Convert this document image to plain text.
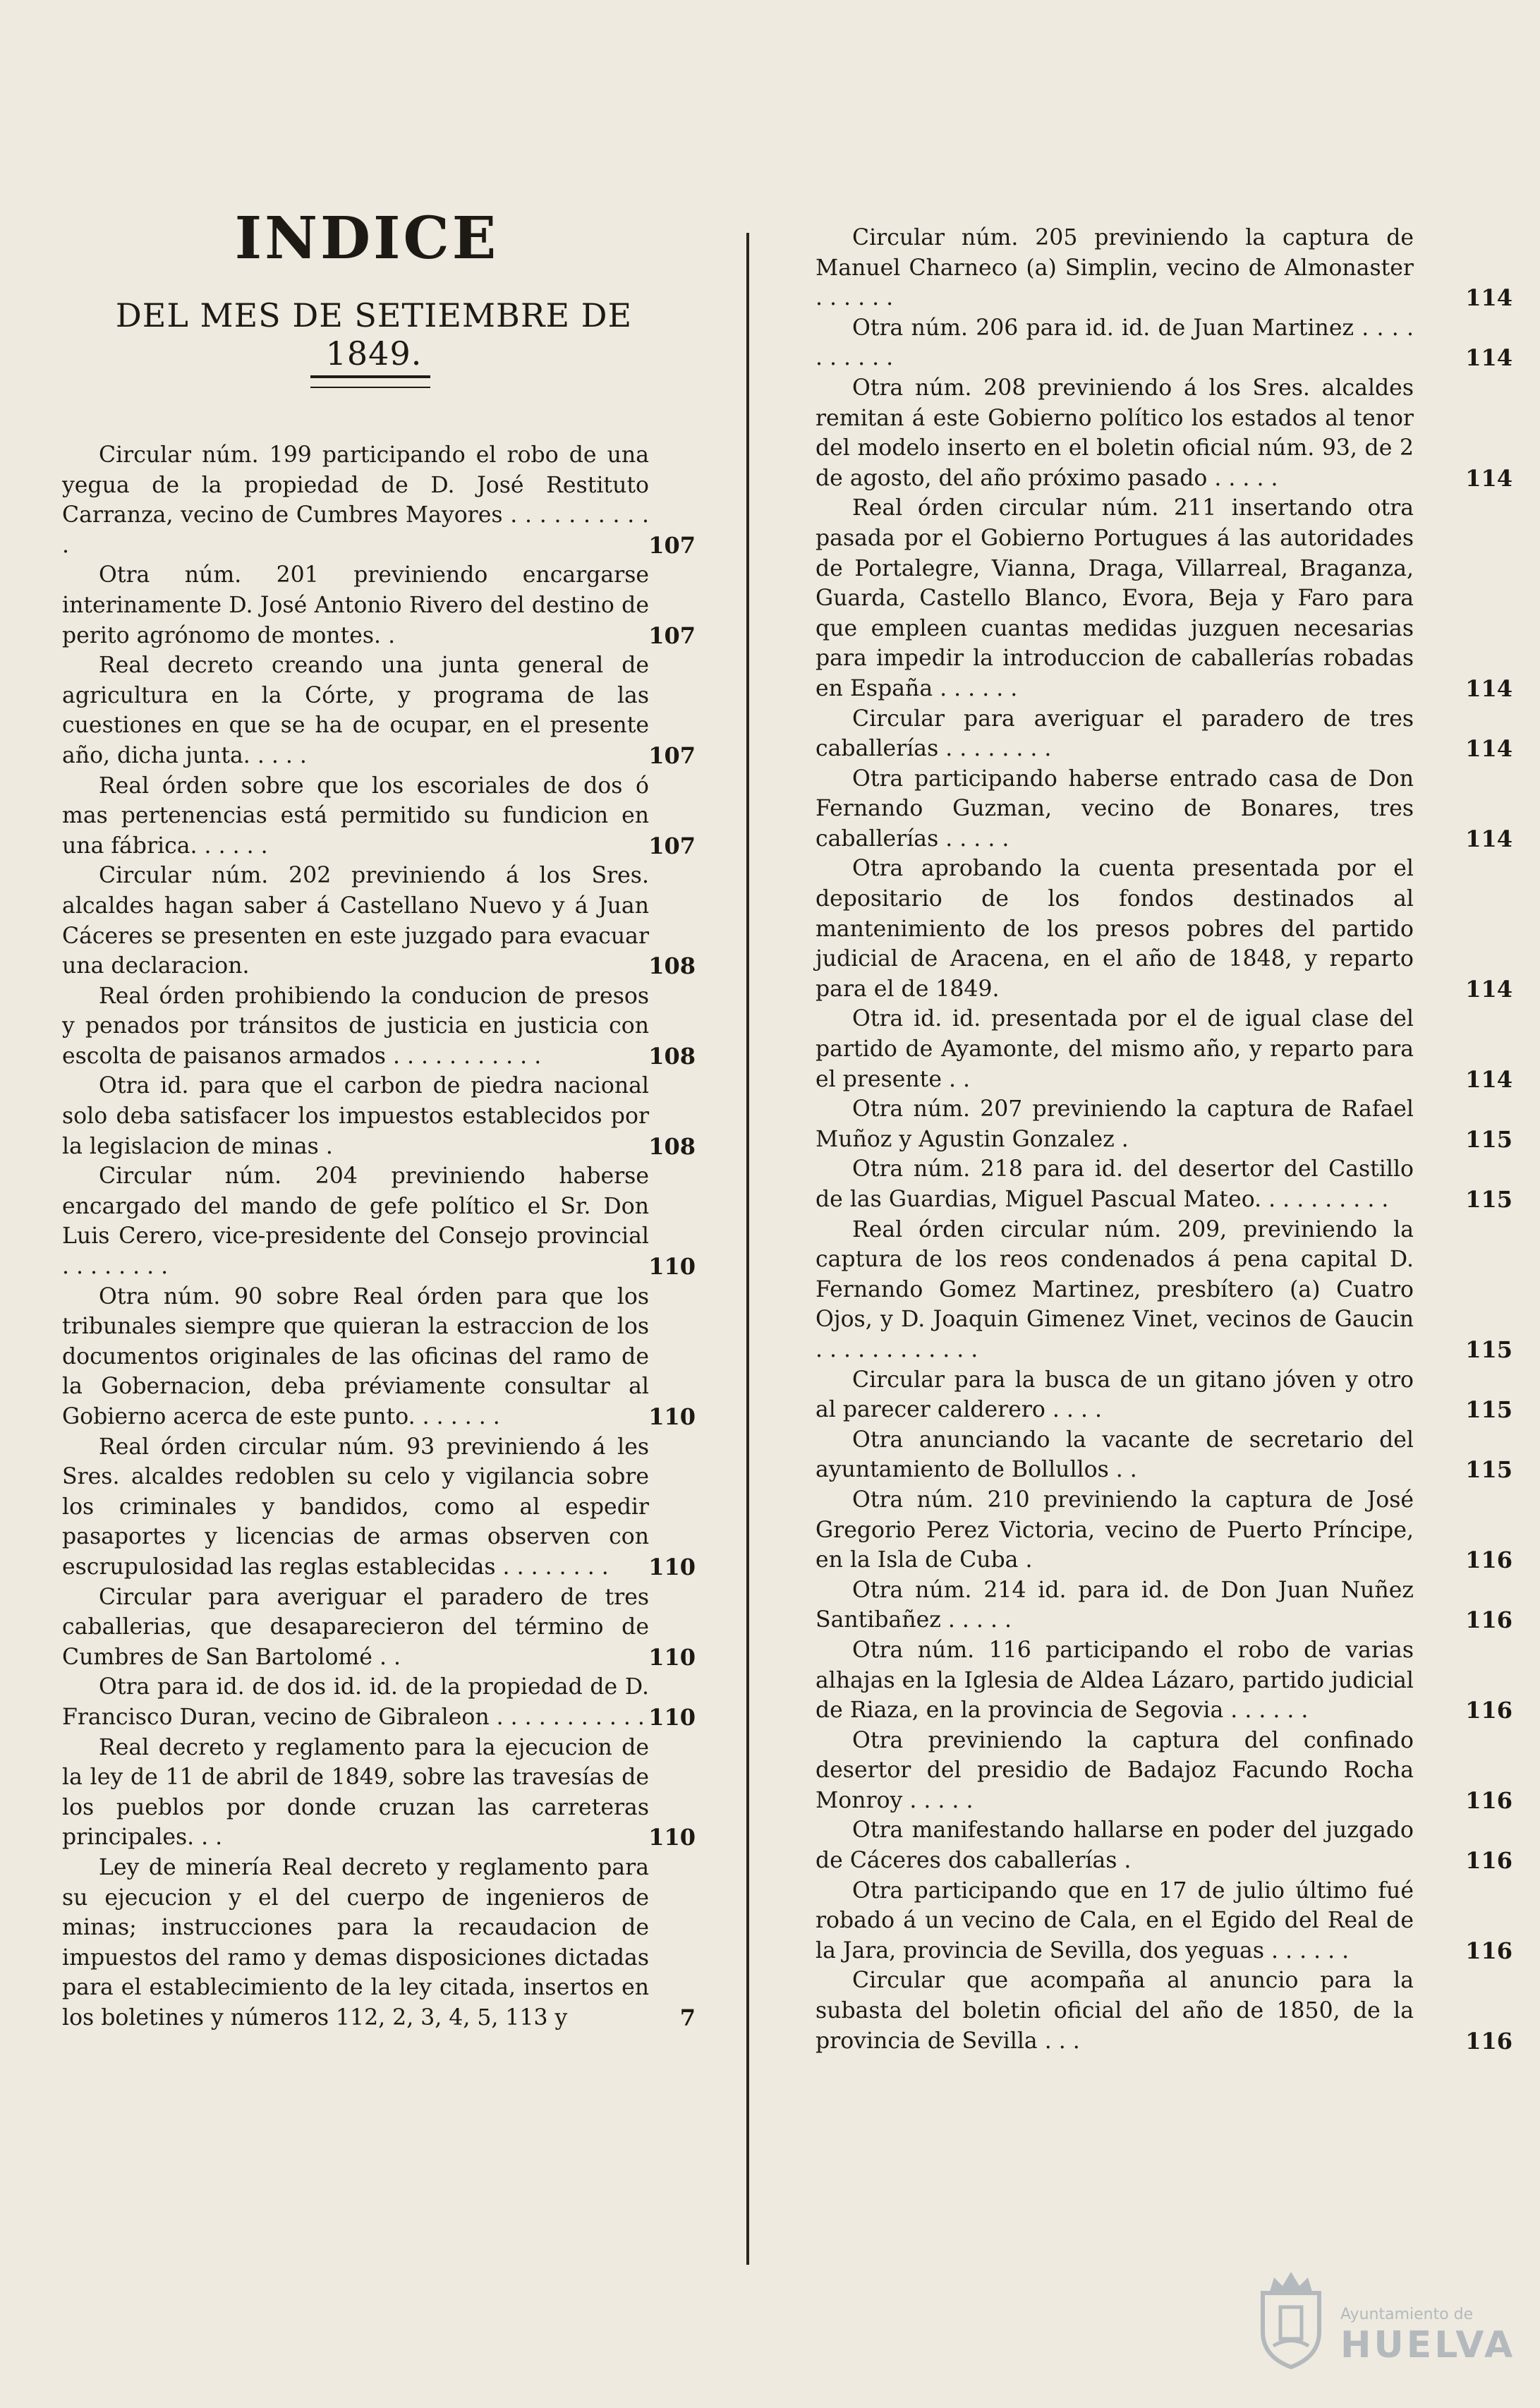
INDICE
DEL MES DE SETIEMBRE DE 1849.
Circular núm. 199 participando el robo de una yegua de la propiedad de D. José Restituto Carranza, vecino de Cumbres Mayores . . . . . . . . . . .	107
Otra núm. 201 previniendo encargarse interinamente D. José Antonio Rivero del destino de perito agrónomo de montes. .	107
Real decreto creando una junta general de agricultura en la Córte, y programa de las cuestiones en que se ha de ocupar, en el presente año, dicha junta. . . . .	107
Real órden sobre que los escoriales de dos ó mas pertenencias está permitido su fundicion en una fábrica. . . . . .	107
Circular núm. 202 previniendo á los Sres. alcaldes hagan saber á Castellano Nuevo y á Juan Cáceres se presenten en este juzgado para evacuar una declaracion.	108
Real órden prohibiendo la conducion de presos y penados por tránsitos de justicia en justicia con escolta de paisanos armados . . . . . . . . . . .	108
Otra id. para que el carbon de piedra nacional solo deba satisfacer los impuestos establecidos por la legislacion de minas .	108
Circular núm. 204 previniendo haberse encargado del mando de gefe político el Sr. Don Luis Cerero, vice-presidente del Consejo provincial . . . . . . . .	110
Otra núm. 90 sobre Real órden para que los tribunales siempre que quieran la estraccion de los documentos originales de las oficinas del ramo de la Gobernacion, deba préviamente consultar al Gobierno acerca de este punto. . . . . . .	110
Real órden circular núm. 93 previniendo á les Sres. alcaldes redoblen su celo y vigilancia sobre los criminales y bandidos, como al espedir pasaportes y licencias de armas observen con escrupulosidad las reglas establecidas . . . . . . . .	110
Circular para averiguar el paradero de tres caballerias, que desaparecieron del término de Cumbres de San Bartolomé . .	110
Otra para id. de dos id. id. de la propiedad de D. Francisco Duran, vecino de Gibraleon . . . . . . . . . . . 110
Real decreto y reglamento para la ejecucion de la ley de 11 de abril de 1849, sobre las travesías de los pueblos por donde cruzan las carreteras principales. . .	110
Ley de minería Real decreto y reglamento para su ejecucion y el del cuerpo de ingenieros de minas; instrucciones para la recaudacion de impuestos del ramo y demas disposiciones dictadas para el establecimiento de la ley citada, insertos en los boletines y números 112, 2, 3, 4, 5, 113 y	7
Circular núm. 205 previniendo la captura de Manuel Charneco (a) Simplin, vecino de Almonaster . . . . . .	114
Otra núm. 206 para id. id. de Juan Martinez . . . . . . . . . .	114
Otra núm. 208 previniendo á los Sres. alcaldes remitan á este Gobierno político los estados al tenor del modelo inserto en el boletin oficial núm. 93, de 2 de agosto, del año próximo pasado . . . . .	114
Real órden circular núm. 211 insertando otra pasada por el Gobierno Portugues á las autoridades de Portalegre, Vianna, Draga, Villarreal, Braganza, Guarda, Castello Blanco, Evora, Beja y Faro para que empleen cuantas medidas juzguen necesarias para impedir la introduccion de caballerías robadas en España . . . . . .	114
Circular para averiguar el paradero de tres caballerías . . . . . . . .	114
Otra participando haberse entrado casa de Don Fernando Guzman, vecino de Bonares, tres caballerías . . . . .	114
Otra aprobando la cuenta presentada por el depositario de los fondos destinados al mantenimiento de los presos pobres del partido judicial de Aracena, en el año de 1848, y reparto para el de 1849.	114
Otra id. id. presentada por el de igual clase del partido de Ayamonte, del mismo año, y reparto para el presente . .	114
Otra núm. 207 previniendo la captura de Rafael Muñoz y Agustin Gonzalez .	115
Otra núm. 218 para id. del desertor del Castillo de las Guardias, Miguel Pascual Mateo. . . . . . . . . .	115
Real órden circular núm. 209, previniendo la captura de los reos condenados á pena capital D. Fernando Gomez Martinez, presbítero (a) Cuatro Ojos, y D. Joaquin Gimenez Vinet, vecinos de Gaucin . . . . . . . . . . . .	115
Circular para la busca de un gitano jóven y otro al parecer calderero . . . .	115
Otra anunciando la vacante de secretario del ayuntamiento de Bollullos . .	115
Otra núm. 210 previniendo la captura de José Gregorio Perez Victoria, vecino de Puerto Príncipe, en la Isla de Cuba .	116
Otra núm. 214 id. para id. de Don Juan Nuñez Santibañez . . . . .	116
Otra núm. 116 participando el robo de varias alhajas en la Iglesia de Aldea Lázaro, partido judicial de Riaza, en la provincia de Segovia . . . . . .	116
Otra previniendo la captura del confinado desertor del presidio de Badajoz Facundo Rocha Monroy . . . . .	116
Otra manifestando hallarse en poder del juzgado de Cáceres dos caballerías .	116
Otra participando que en 17 de julio último fué robado á un vecino de Cala, en el Egido del Real de la Jara, provincia de Sevilla, dos yeguas . . . . . .	116
Circular que acompaña al anuncio para la subasta del boletin oficial del año de 1850, de la provincia de Sevilla . . .	116
Ayuntamiento de
HUELVA
